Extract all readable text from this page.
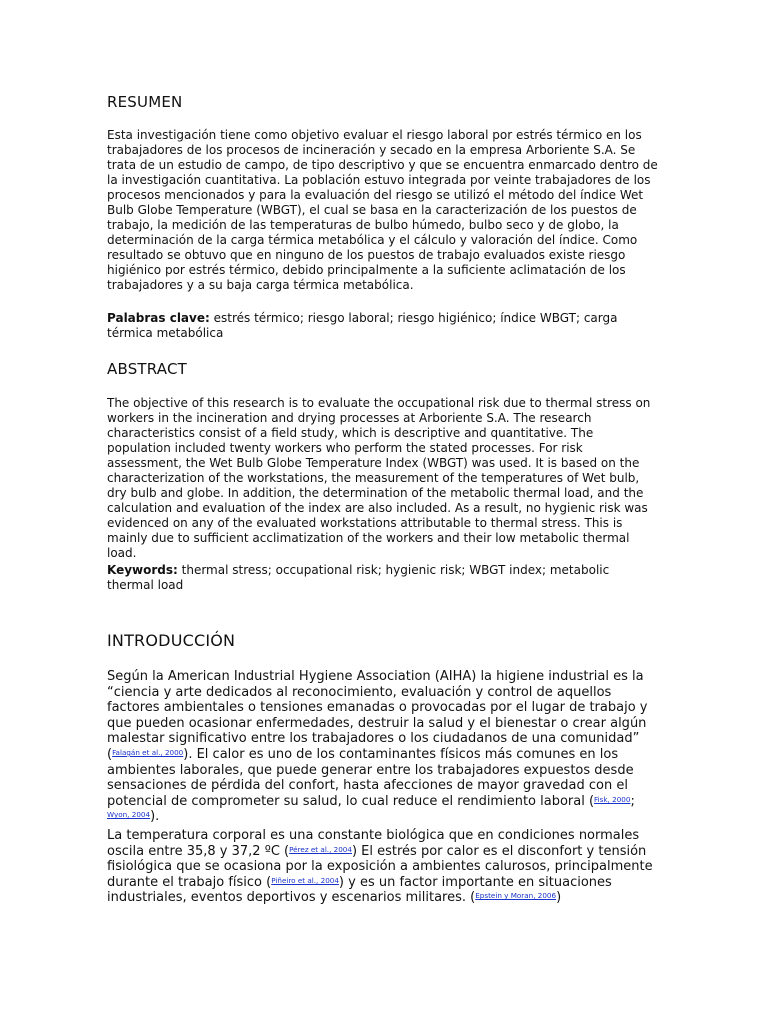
RESUMEN

Esta investigación tiene como objetivo evaluar el riesgo laboral por estrés térmico en los trabajadores de los procesos de incineración y secado en la empresa Arboriente S.A. Se trata de un estudio de campo, de tipo descriptivo y que se encuentra enmarcado dentro de la investigación cuantitativa. La población estuvo integrada por veinte trabajadores de los procesos mencionados y para la evaluación del riesgo se utilizó el método del índice Wet Bulb Globe Temperature (WBGT), el cual se basa en la caracterización de los puestos de trabajo, la medición de las temperaturas de bulbo húmedo, bulbo seco y de globo, la determinación de la carga térmica metabólica y el cálculo y valoración del índice. Como resultado se obtuvo que en ninguno de los puestos de trabajo evaluados existe riesgo higiénico por estrés térmico, debido principalmente a la suficiente aclimatación de los trabajadores y a su baja carga térmica metabólica.

Palabras clave: estrés térmico; riesgo laboral; riesgo higiénico; índice WBGT; carga térmica metabólica

ABSTRACT

The objective of this research is to evaluate the occupational risk due to thermal stress on workers in the incineration and drying processes at Arboriente S.A. The research characteristics consist of a field study, which is descriptive and quantitative. The population included twenty workers who perform the stated processes. For risk assessment, the Wet Bulb Globe Temperature Index (WBGT) was used. It is based on the characterization of the workstations, the measurement of the temperatures of Wet bulb, dry bulb and globe. In addition, the determination of the metabolic thermal load, and the calculation and evaluation of the index are also included. As a result, no hygienic risk was evidenced on any of the evaluated workstations attributable to thermal stress. This is mainly due to sufficient acclimatization of the workers and their low metabolic thermal load.

Keywords: thermal stress; occupational risk; hygienic risk; WBGT index; metabolic thermal load

INTRODUCCIÓN

Según la American Industrial Hygiene Association (AIHA) la higiene industrial es la “ciencia y arte dedicados al reconocimiento, evaluación y control de aquellos factores ambientales o tensiones emanadas o provocadas por el lugar de trabajo y que pueden ocasionar enfermedades, destruir la salud y el bienestar o crear algún malestar significativo entre los trabajadores o los ciudadanos de una comunidad” ($^{Falagán et al., 2000}$). El calor es uno de los contaminantes físicos más comunes en los ambientes laborales, que puede generar entre los trabajadores expuestos desde sensaciones de pérdida del confort, hasta afecciones de mayor gravedad con el potencial de comprometer su salud, lo cual reduce el rendimiento laboral ($^{Fisk, 2000}$; $^{Wyon, 2004}$).

La temperatura corporal es una constante biológica que en condiciones normales oscila entre 35,8 y 37,2 ºC ($^{Pérez et al., 2004}$) El estrés por calor es el disconfort y tensión fisiológica que se ocasiona por la exposición a ambientes calurosos, principalmente durante el trabajo físico ($^{Piñeiro et al., 2004}$) y es un factor importante en situaciones industriales, eventos deportivos y escenarios militares. ($^{Epstein y Moran, 2006}$)
